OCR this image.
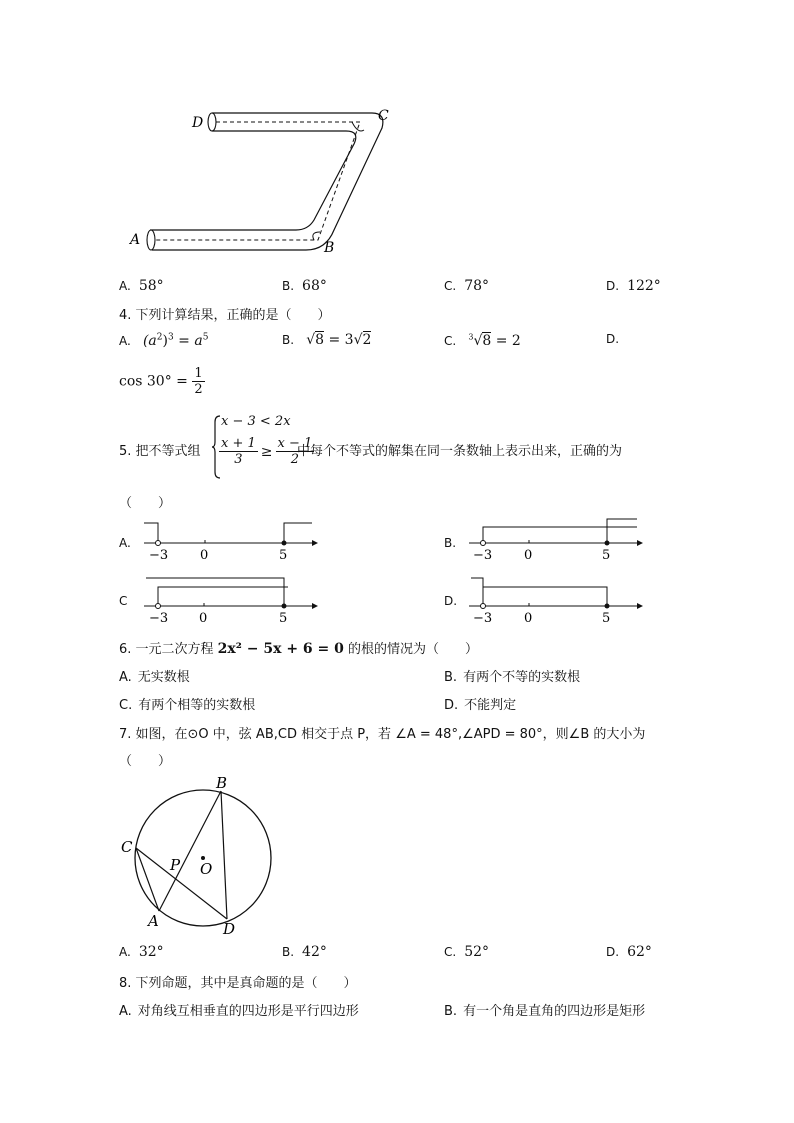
A	B
C
D
A. 58°	B. 68°	C. 78°	D. 122°
4. 下列计算结果，正确的是（　　）
A. $(a^2)^3 = a^5$	B. √8 = 3√2	C. $^3$√8 = 2	D.
$\cos 30^\circ = \frac{1}{2}$
5. 把不等式组
x − 3 < 2x
$\frac{x + 1}{3} \ge \frac{x - 1}{2}$
中每个不等式的解集在同一条数轴上表示出来，正确的为
（　　）
A.
−3 0	5
B.
−3 0	5
C
−3 0	5
D.
−3 0	5
6. 一元二次方程 2x² − 5x + 6 = 0 的根的情况为（　　）
A. 无实数根	B. 有两个不等的实数根
C. 有两个相等的实数根	D. 不能判定
7. 如图，在⊙O 中，弦 AB,CD 相交于点 P，若 ∠A = 48°,∠APD = 80°，则∠B 的大小为
（　　）
B
C
P O
A	D
A. 32°	B. 42°	C. 52°	D. 62°
8. 下列命题，其中是真命题的是（　　）
A. 对角线互相垂直的四边形是平行四边形	B. 有一个角是直角的四边形是矩形
